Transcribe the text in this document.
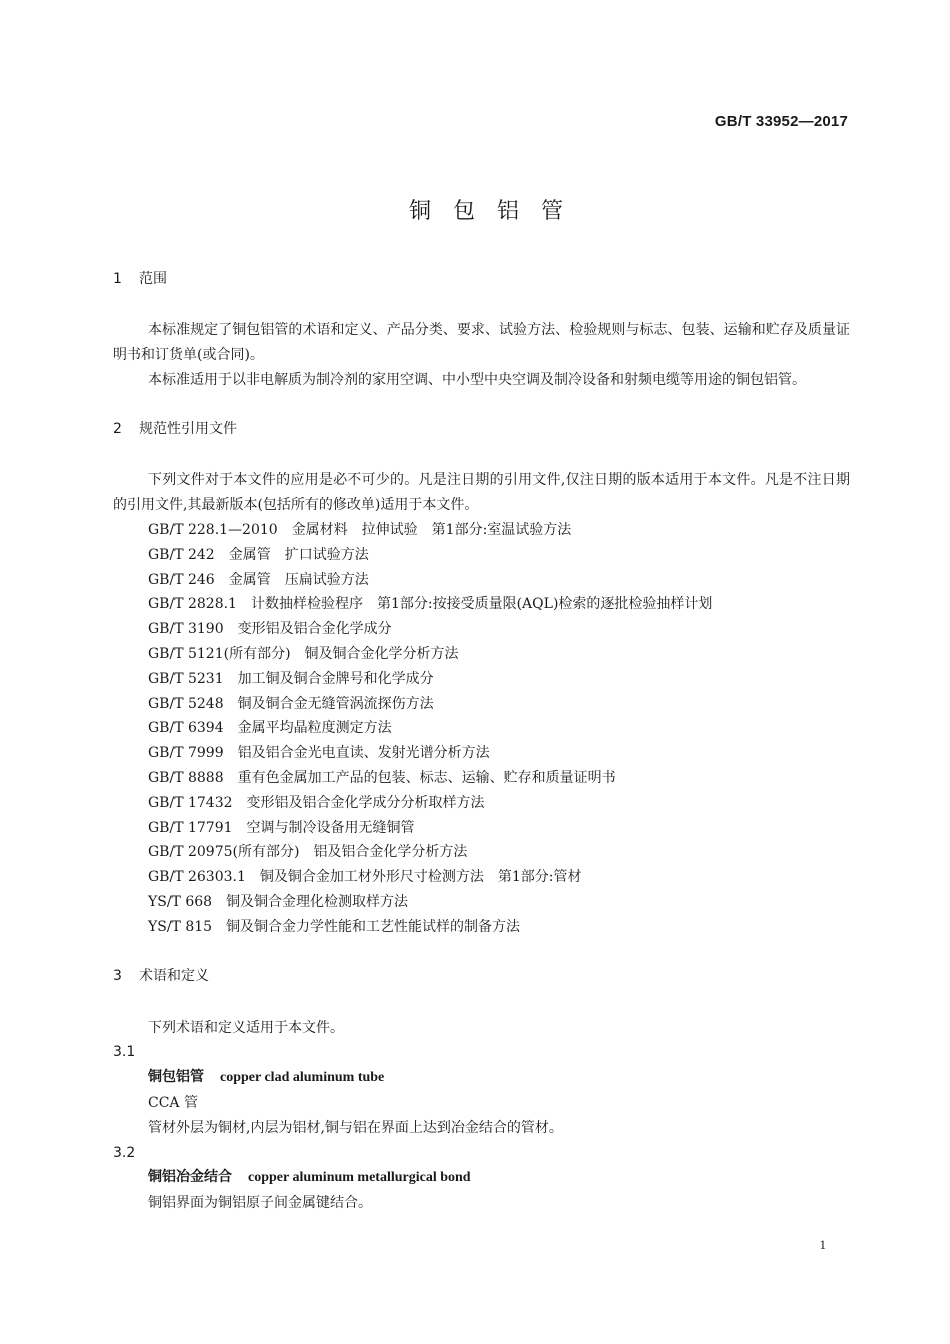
GB/T 33952—2017
铜包铝管
1	范围

本标准规定了铜包铝管的术语和定义、产品分类、要求、试验方法、检验规则与标志、包装、运输和贮存及质量证明书和订货单(或合同)。

本标准适用于以非电解质为制冷剂的家用空调、中小型中央空调及制冷设备和射频电缆等用途的铜包铝管。

2	规范性引用文件

下列文件对于本文件的应用是必不可少的。凡是注日期的引用文件,仅注日期的版本适用于本文件。凡是不注日期的引用文件,其最新版本(包括所有的修改单)适用于本文件。

GB/T 228.1—2010 金属材料　拉伸试验　第1部分:室温试验方法
GB/T 242 金属管　扩口试验方法
GB/T 246 金属管　压扁试验方法
GB/T 2828.1 计数抽样检验程序　第1部分:按接受质量限(AQL)检索的逐批检验抽样计划
GB/T 3190 变形铝及铝合金化学成分
GB/T 5121(所有部分) 铜及铜合金化学分析方法
GB/T 5231 加工铜及铜合金牌号和化学成分
GB/T 5248 铜及铜合金无缝管涡流探伤方法
GB/T 6394 金属平均晶粒度测定方法
GB/T 7999 铝及铝合金光电直读、发射光谱分析方法
GB/T 8888 重有色金属加工产品的包装、标志、运输、贮存和质量证明书
GB/T 17432 变形铝及铝合金化学成分分析取样方法
GB/T 17791 空调与制冷设备用无缝铜管
GB/T 20975(所有部分) 铝及铝合金化学分析方法
GB/T 26303.1 铜及铜合金加工材外形尺寸检测方法　第1部分:管材
YS/T 668 铜及铜合金理化检测取样方法
YS/T 815 铜及铜合金力学性能和工艺性能试样的制备方法
3	术语和定义

下列术语和定义适用于本文件。

3.1

铜包铝管 copper clad aluminum tube

CCA 管

管材外层为铜材,内层为铝材,铜与铝在界面上达到冶金结合的管材。

3.2

铜铝冶金结合 copper aluminum metallurgical bond

铜铝界面为铜铝原子间金属键结合。

1
